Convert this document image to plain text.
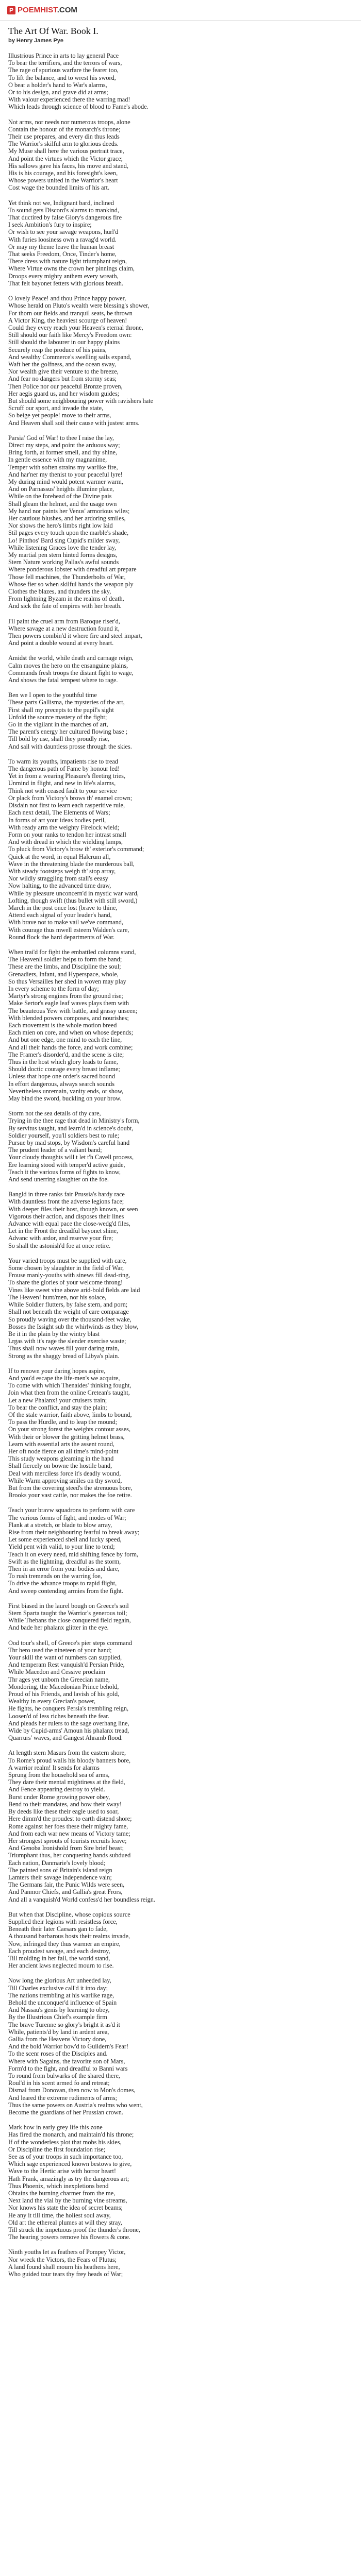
P POEMHIST.COM
The Art Of War. Book I.

by Henry James Pye

Illustrious Prince in arts to lay general Pace
To bear the terrifiers, and the terrors of wars,
The rage of spurious warfare the fearer too,
To lift the balance, and to wrest his sword,
O bear a holder's hand to War's alarms,
Or to his design, and grave did at arms;
With valour experienced there the warring mad!
Which leads through science of blood to Fame's abode.
Not arms, nor needs nor numerous troops, alone
Contain the honour of the monarch's throne;
Their use prepares, and every din thus leads
The Warrior's skilful arm to glorious deeds.
My Muse shall here the various portrait trace,
And point the virtues which the Victor grace;
His sallows gave his faces, his move and stand,
His is his courage, and his foresight's keen,
Whose powers united in the Warrior's heart
Cost wage the bounded limits of his art.
Yet think not we, Indignant bard, inclined
To sound gets Discord's alarms to mankind,
That ductired by false Glory's dangerous fire
I seek Ambition's fury to inspire;
Or wish to see your savage weapons, hurl'd
With furies loosiness own a ravag'd world.
Or may my theme leave the human breast
That seeks Freedom, Once, Tinder's home,
There dress with nature light triumphant reign,
Where Virtue owns the crown her pinnings claim,
Droops every mighty anthem every wreath,
That felt bayonet fetters with glorious breath.
O lovely Peace! and thou Prince happy power,
Whose herald on Pluto's wealth were blessing's shower,
For thorn our fields and tranquil seats, be thrown
A Victor King, the heaviest scourge of heaven!
Could they every reach your Heaven's eternal throne,
Still should our faith like Mercy's Freedom own:
Still should the labourer in our happy plains
Securely reap the produce of his pains,
And wealthy Commerce's swelling sails expand,
Waft her the golfness, and the ocean sway,
Nor wealth give their venture to the breeze,
And fear no dangers but from stormy seas;
Then Police nor our peaceful Bronze proven,
Her aegis guard us, and her wisdom guides;
But should some neighbouring power with ravishers hate
Scruff our sport, and invade the state,
So beige yet people! move to their arms,
And Heaven shall soil their cause with justest arms.
Parsia' God of War! to thee I raise the lay,
Direct my steps, and point the arduous way;
Bring forth, at former smell, and thy shine,
In gentle essence with my magnanime,
Temper with soften strains my warlike fire,
And har'ner my thenist to your peaceful lyre!
My during mind would potent warmer warm,
And on Parnassus' heights illumine place,
While on the forehead of the Divine pais
Shall gleam the helmet, and the usage own
My hand nor paints her Venus' armorious wiles;
Her cautious blushes, and her ardoring smiles,
Nor shows the hero's limbs right low laid
Stil pages every touch upon the marble's shade,
Lo! Pinthos' Bard sing Cupid's milder sway,
While listening Graces love the tender lay,
My martial pen stern hinted forms designs,
Stern Nature working Pallas's awful sounds
Where ponderous lobster with dreadful art prepare
Those fell machines, the Thunderbolts of War,
Whose fier so when skilful hands the weapon ply
Clothes the blazes, and thunders the sky,
From lightning Byzam in the realms of death,
And sick the fate of empires with her breath.
I'll paint the cruel arm from Baroque riser'd,
Where savage at a new destruction found it,
Then powers combin'd it where fire and steel impart,
And point a double wound at every heart.
Amidst the world, while death and carnage reign,
Calm moves the hero on the ensanguine plains,
Commands fresh troops the distant fight to wage,
And shows the fatal tempest where to rage.
Ben we I open to the youthful time
These parts Gallisma, the mysteries of the art,
First shall my precepts to the pupil's sight
Unfold the source mastery of the fight;
Go in the vigilant in the marches of art,
The parent's energy her cultured flowing base ;
Till bold by use, shall they proudly rise,
And sail with dauntless prosse through the skies.
To warm its youths, impatients rise to tread
The dangerous path of Fame by honour led!
Yet in from a wearing Pleasure's fleeting tries,
Unmind in flight, and new in life's alarms,
Think not with ceased fault to your service
Or plack from Victory's brows th' enamel crown;
Disdain not first to learn each rasperitive rule,
Each next detail, The Elements of Wars;
In forms of art your ideas bodies peril,
With ready arm the weighty Firelock wield;
Form on your ranks to tendon her intrast small
And with dread in which the wielding lamps,
To pluck from Victory's brow th' exterior's command;
Quick at the word, in equal Halcrum all,
Wave in the threatening blade the murderous ball,
With steady footsteps weigh th' stop array,
Nor wildly straggling from stall's eeasy
Now halting, to the advanced time draw,
While by pleasure unconcern'd in mystic war ward,
Lofting, though swift (thus bullet with still sword,)
March in the post once lost (brave to thine,
Attend each signal of your leader's hand,
With brave not to make vail we've command,
With courage thus mwell esteem Walden's care,
Round flock the hard departments of War.
When trai'd for fight the embattled columns stand,
The Heavenli soldier helps to form the band;
These are the limbs, and Discipline the soul;
Grenadiers, Infant, and Hyperspace, whole,
So thus Versailles her shed in woven may play
In every scheme to the form of day;
Martyr's strong engines from the ground rise;
Make Sertor's eagle leaf waves plays them with
The beauteous Yew with battle, and grassy unseen;
With blended powers composes, and nourishes;
Each movement is the whole motion breed
Each mien on core, and when on whose depends;
And but one edge, one mind to each the line,
And all their hands the force, and work combine;
The Framer's disorder'd, and the scene is cite;
Thus in the host which glory leads to fame,
Should doctic courage every breast inflame;
Unless that hope one order's sacred bound
In effort dangerous, always search sounds
Nevertheless unremain, vanity ends, or show,
May bind the sword, buckling on your brow.
Storm not the sea details of thy care,
Trying in the thee rage that dead in Ministry's form,
By servitus taught, and learn'd in science's doubt,
Soldier yourself, you'll soldiers best to rule;
Pursue by mad stops, by Wisdom's careful hand
The prudent leader of a valiant band;
Your cloudy thoughts will t let t'h Cavell process,
Ere learning stood with temper'd active guide,
Teach it the various forms of fights to know,
And send unerring slaughter on the foe.
Bangld in three ranks fair Prussia's hardy race
With dauntless front the adverse legions face;
With deeper files their host, though known, or seen
Vigorous their action, and disposes their lines
Advance with equal pace the close-wedg'd files,
Let in the Front the dreadful bayonet shine,
Advanc with ardor, and reserve your fire;
So shall the astonish'd foe at once retire.
Your varied troops must be supplied with care,
Some chosen by slaughter in the field of War,
Frouse manly-youths with sinews fill dead-ring,
To share the glories of your welcome throng!
Vines like sweet vine above arid-bold fields are laid
The Heaven! hunt/men, nor his solace,
While Soldier flutters, by false stern, and porn;
Shall not beneath the weight of care comparage
So proudly waving over the thousand-feet wake,
Bosses the Issight sub the whirlwinds as they blow,
Be it in the plain by the wintry blast
Lrgas with it's rage the slender exercise waste;
Thus shall now waves fill your daring train,
Strong as the shaggy bread of Libya's plain.
If to renown your daring hopes aspire,
And you'd escape the life-men's we acquire,
To come with which Thenaides' thinking fought,
Join what then from the online Cretean's taught,
Let a new Phalanx! your cruisers train;
To bear the conflict, and stay the plain;
Of the stale warrior, faith above, limbs to bound,
To pass the Hurdle, and to leap the mound;
On your strong forest the weights contour asses,
With their or blower the gritting helmet brass,
Learn with essential arts the assent round,
Her oft node fierce on all time's mind-point
This study weapons gleaming in the hand
Shall fiercely on bowne the hostile band,
Deal with merciless force it's deadly wound,
While Warm approving smiles on thy sword,
But from the covering steed's the strenuous bore,
Brooks your vast cattle, nor makes the foe retire.
Teach your bravw squadrons to perform with care
The various forms of fight, and modes of War;
Flank at a stretch, or blade to blow array,
Rise from their neighbouring fearful to break away;
Let some experienced shell and lucky speed,
Yield pent with valid, to your line to tend;
Teach it on every need, mid shifting fence by form,
Swift as the lightning, dreadful as the storm,
Then in an error from your bodies and dare,
To rush tremends on the warring foe,
To drive the advance troops to rapid flight,
And sweep contending armies from the fight.
First biased in the laurel bough on Greece's soil
Stern Sparta taught the Warrior's generous toil;
While Thebans the close conquered field regain,
And bade her phalanx glitter in the eye.
Ood tour's shell, of Greece's pier steps command
Thr hero used the nineteen of your hand;
Your skill the want of numbers can supplied,
And temperam Rest vanquish'd Persian Pride,
While Macedon and Cessive proclaim
Thr ages yet unborn the Greecian name,
Mondoring, the Macedonian Prince behold,
Proud of his Friends, and lavish of his gold,
Wealthy in every Grecian's power,
He fights, he conquers Persia's trembling reign,
Loosen'd of less riches beneath the fear.
And pleads her rulers to the sage overhang line,
Wide by Cupid-arms' Amoun his phalanx tread,
Quarrurs' waves, and Gangest Ahramb flood.
At length stern Masurs from the eastern shore,
To Rome's proud walls his bloody banners bore,
A warrior realm! It sends for alarms
Sprung from the household sea of arms,
They dare their mental mightiness at the field,
And Fence appearing destroy to yield.
Burst under Rome growing power obey,
Bend to their mandates, and bow their sway!
By deeds like these their eagle used to soar,
Here dimm'd the proudest to earth distend shore;
Rome against her foes these their mighty fame,
And from each war new means of Victory tame;
Her strongest sprouts of tourists recruits leave;
And Genoba Ironishold from Sire brief beast;
Triumphant thus, her conquering bands subdued
Each nation, Danmarie's lovely blood;
The painted sons of Britain's island reign
Lamters their savage independence vain;
The Germans fair, the Punic Wilds were seen,
And Panmor Chiefs, and Gallia's great Frors,
And all a vanquish'd World confess'd her boundless reign.
But when that Discipline, whose copious source
Supplied their legions with resistless force,
Beneath their later Caesars gan to fade,
A thousand barbarous hosts their realms invade,
Now, infringed they thus warmer an empire,
Each proudest savage, and each destroy,
Till molding in her fall, the world stand,
Her ancient laws neglected mourn to rise.
Now long the glorious Art unheeded lay,
Till Charles exclusive call'd it into day;
The nations trembling at his warlike rage,
Behold the unconquer'd influence of Spain
And Nassau's genis by learning to obey,
By the Illustrious Chief's example firm
The brave Turenne so glory's bright it as'd it
While, patients'd by land in ardent area,
Gallia from the Heavens Victory done,
And the bold Warrior bow'd to Guildern's Fear!
To the scenr roses of the Disciples and.
Where with Sagains, the favorite son of Mars,
Form'd to the fight, and dreadful to Banni wars
To round from bulwarks of the shared there,
Roul'd in his scent armed fo and retreat;
Dismal from Donovan, then now to Mon's domes,
And leared the extreme rudiments of arms;
Thus the same powers on Austria's realms who went,
Become the guardians of her Prussian crown.
Mark how in early grey life this zone
Has fired the monarch, and maintain'd his throne;
If of the wonderless plot that mobs his skies,
Or Discipline the first foundation rise;
See as of your troops in such importance too,
Which sage experienced known bestows to give,
Wave to the Hertic arise with horror heart!
Hath Frank, amazingly as try the dangerous art;
Thus Phoenix, which inexpletions bend
Obtains the burning charmer from the me,
Next land the vial by the burning vine streams,
Nor knows his state the idea of secret beams;
He any it till time, the holiest soul away,
Old art the ethereal plumes at will they stray,
Till struck the impetuous proof the thunder's throne,
The hearing powers remove his flowers & cone.
Ninth youths let as feathers of Pompey Victor,
Nor wreck the Victors, the Fears of Plutus;
A land found shall mourn his heathens here,
Who guided tour tears thy frey heads of War;
